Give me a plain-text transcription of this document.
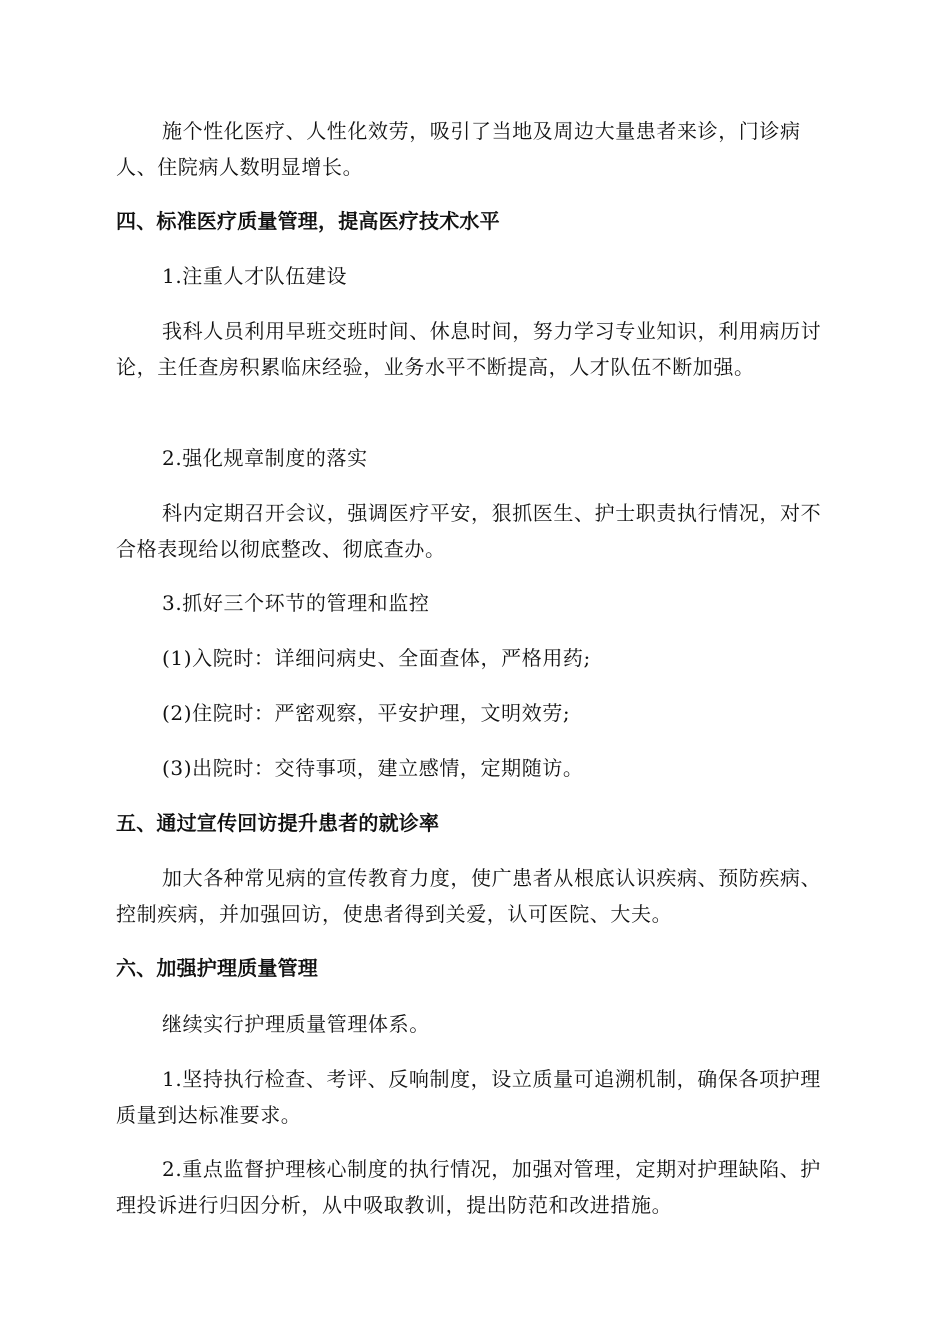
施个性化医疗、人性化效劳，吸引了当地及周边大量患者来诊，门诊病人、住院病人数明显增长。
四、标准医疗质量管理，提高医疗技术水平
1.注重人才队伍建设
我科人员利用早班交班时间、休息时间，努力学习专业知识，利用病历讨论，主任查房积累临床经验，业务水平不断提高，人才队伍不断加强。
2.强化规章制度的落实
科内定期召开会议，强调医疗平安，狠抓医生、护士职责执行情况，对不合格表现给以彻底整改、彻底查办。
3.抓好三个环节的管理和监控
(1)入院时：详细问病史、全面查体，严格用药;
(2)住院时：严密观察，平安护理，文明效劳;
(3)出院时：交待事项，建立感情，定期随访。
五、通过宣传回访提升患者的就诊率
加大各种常见病的宣传教育力度，使广患者从根底认识疾病、预防疾病、控制疾病，并加强回访，使患者得到关爱，认可医院、大夫。
六、加强护理质量管理
继续实行护理质量管理体系。
1.坚持执行检查、考评、反响制度，设立质量可追溯机制，确保各项护理质量到达标准要求。
2.重点监督护理核心制度的执行情况，加强对管理，定期对护理缺陷、护理投诉进行归因分析，从中吸取教训，提出防范和改进措施。
